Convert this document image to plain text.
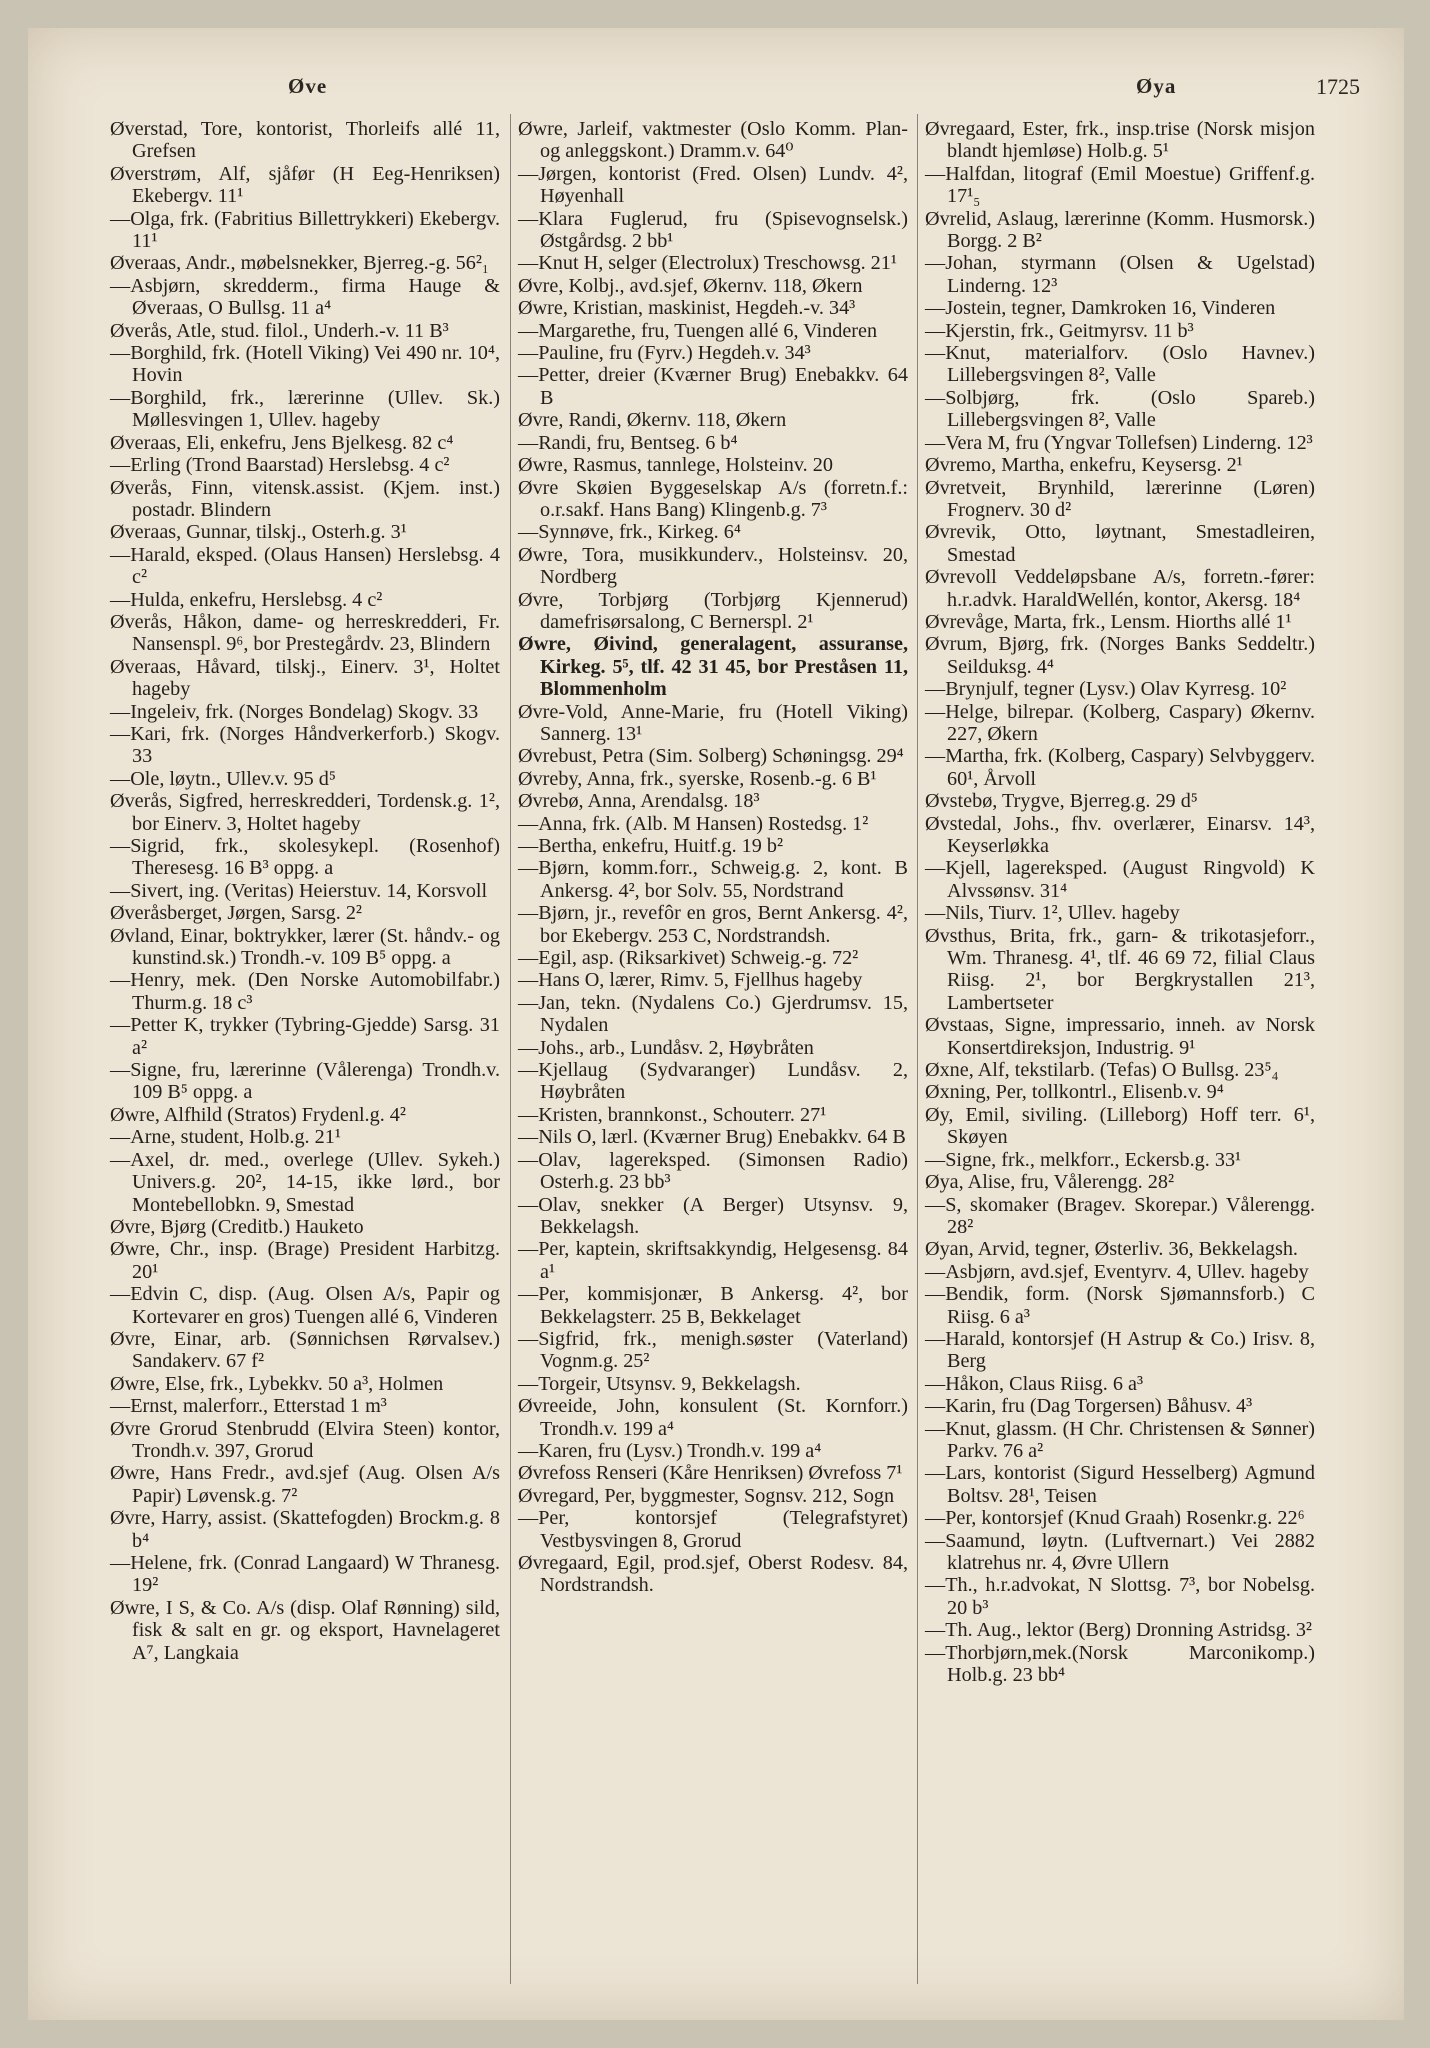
Øve	Øya	1725

Øverstad, Tore, kontorist, Thorleifs allé 11, Grefsen

Øverstrøm, Alf, sjåfør (H Eeg-Henriksen) Ekebergv. 11¹

—Olga, frk. (Fabritius Billettrykkeri) Ekebergv. 11¹

Øveraas, Andr., møbelsnekker, Bjerreg.-g. 56²₁

—Asbjørn, skredderm., firma Hauge & Øveraas, O Bullsg. 11 a⁴

Øverås, Atle, stud. filol., Underh.-v. 11 B³

—Borghild, frk. (Hotell Viking) Vei 490 nr. 10⁴, Hovin

—Borghild, frk., lærerinne (Ullev. Sk.) Møllesvingen 1, Ullev. hageby

Øveraas, Eli, enkefru, Jens Bjelkesg. 82 c⁴

—Erling (Trond Baarstad) Herslebsg. 4 c²

Øverås, Finn, vitensk.assist. (Kjem. inst.) postadr. Blindern

Øveraas, Gunnar, tilskj., Osterh.g. 3¹

—Harald, eksped. (Olaus Hansen) Herslebsg. 4 c²

—Hulda, enkefru, Herslebsg. 4 c²

Øverås, Håkon, dame- og herreskredderi, Fr. Nansenspl. 9⁶, bor Prestegårdv. 23, Blindern

Øveraas, Håvard, tilskj., Einerv. 3¹, Holtet hageby

—Ingeleiv, frk. (Norges Bondelag) Skogv. 33

—Kari, frk. (Norges Håndverkerforb.) Skogv. 33

—Ole, løytn., Ullev.v. 95 d⁵

Øverås, Sigfred, herreskredderi, Tordensk.g. 1², bor Einerv. 3, Holtet hageby

—Sigrid, frk., skolesykepl. (Rosenhof) Theresesg. 16 B³ oppg. a

—Sivert, ing. (Veritas) Heierstuv. 14, Korsvoll

Øveråsberget, Jørgen, Sarsg. 2²

Øvland, Einar, boktrykker, lærer (St. håndv.- og kunstind.sk.) Trondh.-v. 109 B⁵ oppg. a

—Henry, mek. (Den Norske Automobilfabr.) Thurm.g. 18 c³

—Petter K, trykker (Tybring-Gjedde) Sarsg. 31 a²

—Signe, fru, lærerinne (Vålerenga) Trondh.v. 109 B⁵ oppg. a

Øwre, Alfhild (Stratos) Frydenl.g. 4²

—Arne, student, Holb.g. 21¹

—Axel, dr. med., overlege (Ullev. Sykeh.) Univers.g. 20², 14-15, ikke lørd., bor Montebellobkn. 9, Smestad

Øvre, Bjørg (Creditb.) Hauketo

Øwre, Chr., insp. (Brage) President Harbitzg. 20¹

—Edvin C, disp. (Aug. Olsen A/s, Papir og Kortevarer en gros) Tuengen allé 6, Vinderen

Øvre, Einar, arb. (Sønnichsen Rørvalsev.) Sandakerv. 67 f²

Øwre, Else, frk., Lybekkv. 50 a³, Holmen

—Ernst, malerforr., Etterstad 1 m³

Øvre Grorud Stenbrudd (Elvira Steen) kontor, Trondh.v. 397, Grorud

Øwre, Hans Fredr., avd.sjef (Aug. Olsen A/s Papir) Løvensk.g. 7²

Øvre, Harry, assist. (Skattefogden) Brockm.g. 8 b⁴

—Helene, frk. (Conrad Langaard) W Thranesg. 19²

Øwre, I S, & Co. A/s (disp. Olaf Rønning) sild, fisk & salt en gr. og eksport, Havnelageret A⁷, Langkaia

Øwre, Jarleif, vaktmester (Oslo Komm. Plan- og anleggskont.) Dramm.v. 64⁰

—Jørgen, kontorist (Fred. Olsen) Lundv. 4², Høyenhall

—Klara Fuglerud, fru (Spisevognselsk.) Østgårdsg. 2 bb¹

—Knut H, selger (Electrolux) Treschowsg. 21¹

Øvre, Kolbj., avd.sjef, Økernv. 118, Økern

Øwre, Kristian, maskinist, Hegdeh.-v. 34³

—Margarethe, fru, Tuengen allé 6, Vinderen

—Pauline, fru (Fyrv.) Hegdeh.v. 34³

—Petter, dreier (Kværner Brug) Enebakkv. 64 B

Øvre, Randi, Økernv. 118, Økern

—Randi, fru, Bentseg. 6 b⁴

Øwre, Rasmus, tannlege, Holsteinv. 20

Øvre Skøien Byggeselskap A/s (forretn.f.: o.r.sakf. Hans Bang) Klingenb.g. 7³

—Synnøve, frk., Kirkeg. 6⁴

Øwre, Tora, musikkunderv., Holsteinsv. 20, Nordberg

Øvre, Torbjørg (Torbjørg Kjennerud) damefrisørsalong, C Bernerspl. 2¹

Øwre, Øivind, generalagent, assuranse, Kirkeg. 5⁵, tlf. 42 31 45, bor Preståsen 11, Blommenholm

Øvre-Vold, Anne-Marie, fru (Hotell Viking) Sannerg. 13¹

Øvrebust, Petra (Sim. Solberg) Schøningsg. 29⁴

Øvreby, Anna, frk., syerske, Rosenb.-g. 6 B¹

Øvrebø, Anna, Arendalsg. 18³

—Anna, frk. (Alb. M Hansen) Rostedsg. 1²

—Bertha, enkefru, Huitf.g. 19 b²

—Bjørn, komm.forr., Schweig.g. 2, kont. B Ankersg. 4², bor Solv. 55, Nordstrand

—Bjørn, jr., revefôr en gros, Bernt Ankersg. 4², bor Ekebergv. 253 C, Nordstrandsh.

—Egil, asp. (Riksarkivet) Schweig.-g. 72²

—Hans O, lærer, Rimv. 5, Fjellhus hageby

—Jan, tekn. (Nydalens Co.) Gjerdrumsv. 15, Nydalen

—Johs., arb., Lundåsv. 2, Høybråten

—Kjellaug (Sydvaranger) Lundåsv. 2, Høybråten

—Kristen, brannkonst., Schouterr. 27¹

—Nils O, lærl. (Kværner Brug) Enebakkv. 64 B

—Olav, lagereksped. (Simonsen Radio) Osterh.g. 23 bb³

—Olav, snekker (A Berger) Utsynsv. 9, Bekkelagsh.

—Per, kaptein, skriftsakkyndig, Helgesensg. 84 a¹

—Per, kommisjonær, B Ankersg. 4², bor Bekkelagsterr. 25 B, Bekkelaget

—Sigfrid, frk., menigh.søster (Vaterland) Vognm.g. 25²

—Torgeir, Utsynsv. 9, Bekkelagsh.

Øvreeide, John, konsulent (St. Kornforr.) Trondh.v. 199 a⁴

—Karen, fru (Lysv.) Trondh.v. 199 a⁴

Øvrefoss Renseri (Kåre Henriksen) Øvrefoss 7¹

Øvregard, Per, byggmester, Sognsv. 212, Sogn

—Per, kontorsjef (Telegrafstyret) Vestbysvingen 8, Grorud

Øvregaard, Egil, prod.sjef, Oberst Rodesv. 84, Nordstrandsh.

Øvregaard, Ester, frk., insp.trise (Norsk misjon blandt hjemløse) Holb.g. 5¹

—Halfdan, litograf (Emil Moestue) Griffenf.g. 17¹₅

Øvrelid, Aslaug, lærerinne (Komm. Husmorsk.) Borgg. 2 B²

—Johan, styrmann (Olsen & Ugelstad) Linderng. 12³

—Jostein, tegner, Damkroken 16, Vinderen

—Kjerstin, frk., Geitmyrsv. 11 b³

—Knut, materialforv. (Oslo Havnev.) Lillebergsvingen 8², Valle

—Solbjørg, frk. (Oslo Spareb.) Lillebergsvingen 8², Valle

—Vera M, fru (Yngvar Tollefsen) Linderng. 12³

Øvremo, Martha, enkefru, Keysersg. 2¹

Øvretveit, Brynhild, lærerinne (Løren) Frognerv. 30 d²

Øvrevik, Otto, løytnant, Smestadleiren, Smestad

Øvrevoll Veddeløpsbane A/s, forretn.-fører: h.r.advk. HaraldWellén, kontor, Akersg. 18⁴

Øvrevåge, Marta, frk., Lensm. Hiorths allé 1¹

Øvrum, Bjørg, frk. (Norges Banks Seddeltr.) Seilduksg. 4⁴

—Brynjulf, tegner (Lysv.) Olav Kyrresg. 10²

—Helge, bilrepar. (Kolberg, Caspary) Økernv. 227, Økern

—Martha, frk. (Kolberg, Caspary) Selvbyggerv. 60¹, Årvoll

Øvstebø, Trygve, Bjerreg.g. 29 d⁵

Øvstedal, Johs., fhv. overlærer, Einarsv. 14³, Keyserløkka

—Kjell, lagereksped. (August Ringvold) K Alvssønsv. 31⁴

—Nils, Tiurv. 1², Ullev. hageby

Øvsthus, Brita, frk., garn- & trikotasjeforr., Wm. Thranesg. 4¹, tlf. 46 69 72, filial Claus Riisg. 2¹, bor Bergkrystallen 21³, Lambertseter

Øvstaas, Signe, impressario, inneh. av Norsk Konsertdireksjon, Industrig. 9¹

Øxne, Alf, tekstilarb. (Tefas) O Bullsg. 23⁵₄

Øxning, Per, tollkontrl., Elisenb.v. 9⁴

Øy, Emil, siviling. (Lilleborg) Hoff terr. 6¹, Skøyen

—Signe, frk., melkforr., Eckersb.g. 33¹

Øya, Alise, fru, Vålerengg. 28²

—S, skomaker (Bragev. Skorepar.) Vålerengg. 28²

Øyan, Arvid, tegner, Østerliv. 36, Bekkelagsh.

—Asbjørn, avd.sjef, Eventyrv. 4, Ullev. hageby

—Bendik, form. (Norsk Sjømannsforb.) C Riisg. 6 a³

—Harald, kontorsjef (H Astrup & Co.) Irisv. 8, Berg

—Håkon, Claus Riisg. 6 a³

—Karin, fru (Dag Torgersen) Båhusv. 4³

—Knut, glassm. (H Chr. Christensen & Sønner) Parkv. 76 a²

—Lars, kontorist (Sigurd Hesselberg) Agmund Boltsv. 28¹, Teisen

—Per, kontorsjef (Knud Graah) Rosenkr.g. 22⁶

—Saamund, løytn. (Luftvernart.) Vei 2882 klatrehus nr. 4, Øvre Ullern

—Th., h.r.advokat, N Slottsg. 7³, bor Nobelsg. 20 b³

—Th. Aug., lektor (Berg) Dronning Astridsg. 3²

—Thorbjørn,mek.(Norsk Marconikomp.) Holb.g. 23 bb⁴
